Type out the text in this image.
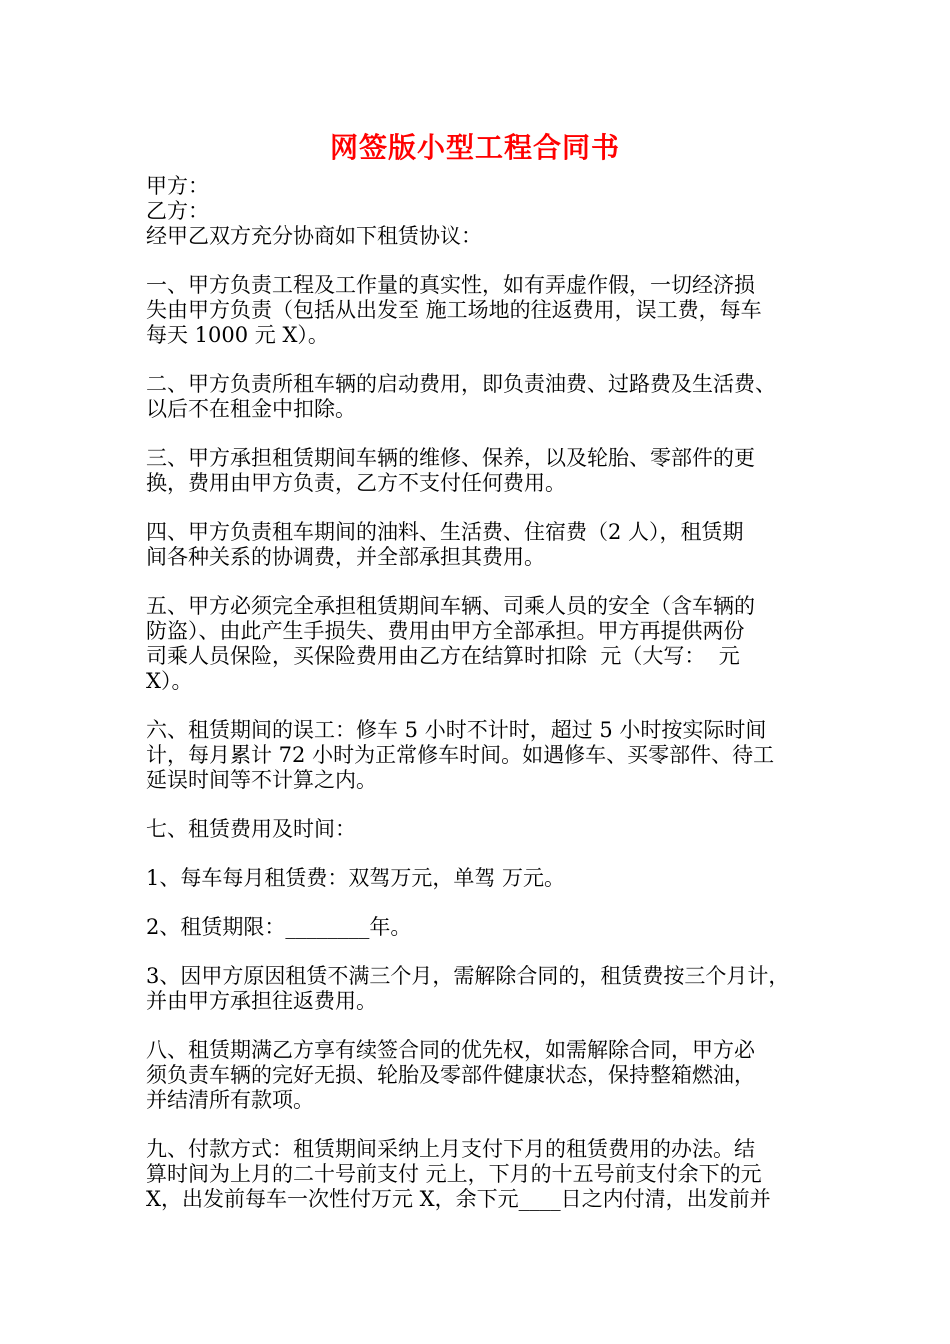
网签版小型工程合同书
甲方：
乙方：
经甲乙双方充分协商如下租赁协议：
一、甲方负责工程及工作量的真实性，如有弄虚作假，一切经济损
失由甲方负责（包括从出发至 施工场地的往返费用，误工费，每车
每天 1000 元 X）。
二、甲方负责所租车辆的启动费用，即负责油费、过路费及生活费、
以后不在租金中扣除。
三、甲方承担租赁期间车辆的维修、保养，以及轮胎、零部件的更
换，费用由甲方负责，乙方不支付任何费用。
四、甲方负责租车期间的油料、生活费、住宿费（2 人），租赁期
间各种关系的协调费，并全部承担其费用。
五、甲方必须完全承担租赁期间车辆、司乘人员的安全（含车辆的
防盗）、由此产生手损失、费用由甲方全部承担。甲方再提供两份
司乘人员保险，买保险费用由乙方在结算时扣除  元（大写：  元
X）。
六、租赁期间的误工：修车 5 小时不计时，超过 5 小时按实际时间
计，每月累计 72 小时为正常修车时间。如遇修车、买零部件、待工
延误时间等不计算之内。
七、租赁费用及时间：
1、每车每月租赁费：双驾万元，单驾 万元。
2、租赁期限：________年。
3、因甲方原因租赁不满三个月，需解除合同的，租赁费按三个月计，
并由甲方承担往返费用。
八、租赁期满乙方享有续签合同的优先权，如需解除合同，甲方必
须负责车辆的完好无损、轮胎及零部件健康状态，保持整箱燃油，
并结清所有款项。
九、付款方式：租赁期间采纳上月支付下月的租赁费用的办法。结
算时间为上月的二十号前支付 元上，下月的十五号前支付余下的元
X，出发前每车一次性付万元 X，余下元____日之内付清，出发前并
